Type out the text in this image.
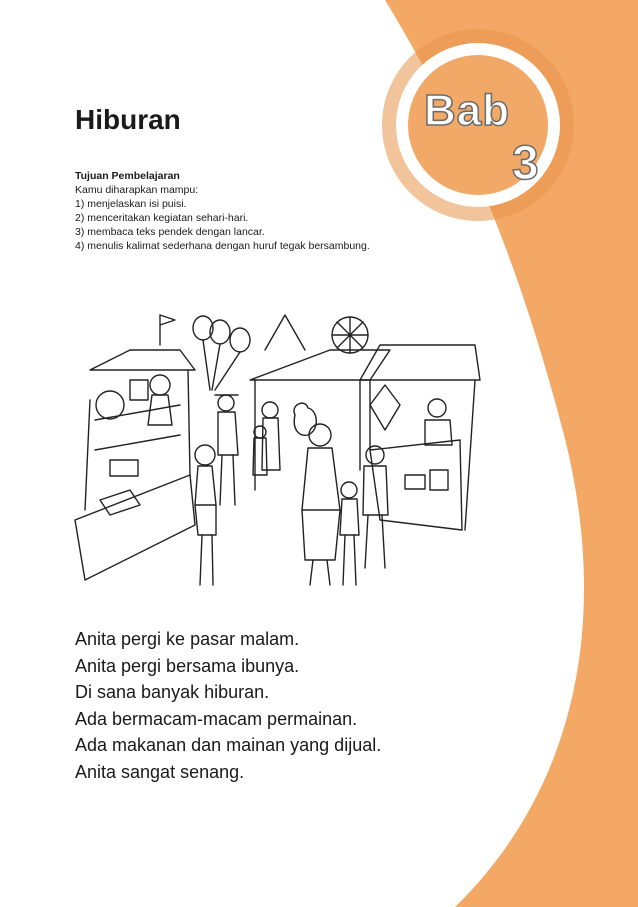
Bab
3
Hiburan
Tujuan Pembelajaran
Kamu diharapkan mampu:
1) menjelaskan isi puisi.
2) menceritakan kegiatan sehari-hari.
3) membaca teks pendek dengan lancar.
4) menulis kalimat sederhana dengan huruf tegak bersambung.
Anita pergi ke pasar malam.
Anita pergi bersama ibunya.
Di sana banyak hiburan.
Ada bermacam-macam permainan.
Ada makanan dan mainan yang dijual.
Anita sangat senang.
